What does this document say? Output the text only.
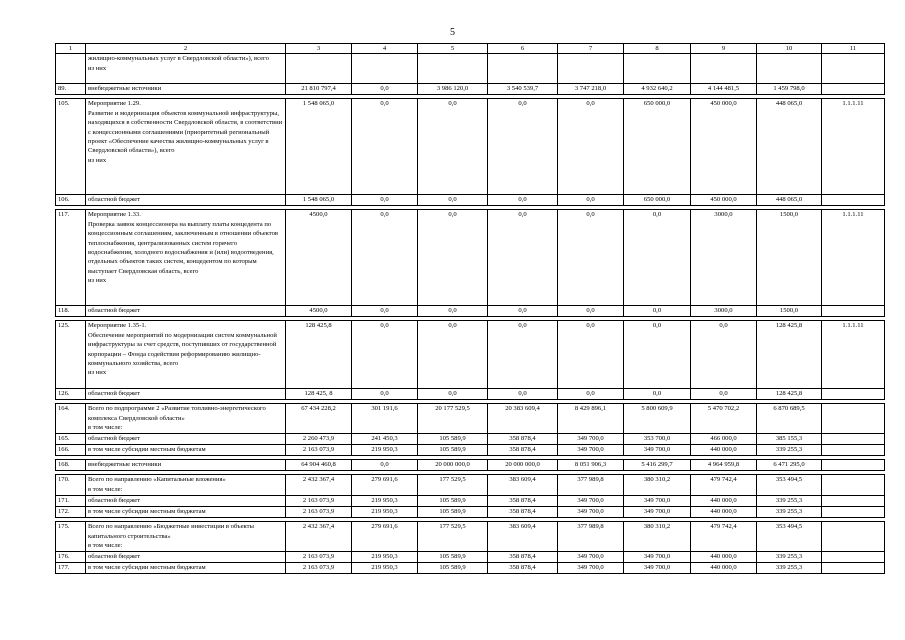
5
1	2	3	4	5	6	7	8	9	10	11
	жилищно-коммунальных услуг в Свердловской области»), всего
из них									
89.	внебюджетные источники	21 810 797,4	0,0	3 986 120,0	3 540 539,7	3 747 218,0	4 932 640,2	4 144 481,5	1 459 798,0	

105.	Мероприятие 1.29.
Развитие и модернизация объектов коммунальной инфраструктуры, находящихся в собственности Свердловской области, в соответствии с концессионными соглашениями (приоритетный региональный проект «Обеспечение качества жилищно-коммунальных услуг в Свердловской области»), всего
из них	1 548 065,0	0,0	0,0	0,0	0,0	650 000,0	450 000,0	448 065,0	1.1.1.11
106.	областной бюджет	1 548 065,0	0,0	0,0	0,0	0,0	650 000,0	450 000,0	448 065,0	

117.	Мероприятие 1.33.
Проверка заявок концессионера на выплату платы концедента по концессионным соглашениям, заключенным в отношении объектов теплоснабжения, централизованных систем горячего водоснабжения, холодного водоснабжения и (или) водоотведения, отдельных объектов таких систем, концедентом по которым выступает Свердловская область, всего
из них	4500,0	0,0	0,0	0,0	0,0	0,0	3000,0	1500,0	1.1.1.11
118.	областной бюджет	4500,0	0,0	0,0	0,0	0,0	0,0	3000,0	1500,0	

125.	Мероприятие 1.35-1.
Обеспечение мероприятий по модернизации систем коммунальной инфраструктуры за счет средств, поступивших от государственной корпорации – Фонда содействия реформированию жилищно-коммунального хозяйства, всего
из них	128 425,8	0,0	0,0	0,0	0,0	0,0	0,0	128 425,8	1.1.1.11
126.	областной бюджет	128 425, 8	0,0	0,0	0,0	0,0	0,0	0,0	128 425,8	

164.	Всего по подпрограмме 2 «Развитие топливно-энергетического комплекса Свердловской области»
в том числе:	67 434 228,2	301 191,6	20 177 529,5	20 383 609,4	8 429 896,1	5 800 609,9	5 470 702,2	6 870 689,5	
165.	областной бюджет	2 260 473,9	241 450,3	105 589,9	358 878,4	349 700,0	353 700,0	466 000,0	385 155,3	
166.	в том числе субсидии местным бюджетам	2 163 073,9	219 950,3	105 589,9	358 878,4	349 700,0	349 700,0	440 000,0	339 255,3	

168.	внебюджетные источники	64 904 460,8	0,0	20 000 000,0	20 000 000,0	8 051 906,3	5 416 299,7	4 964 959,8	6 471 295,0	

170.	Всего по направлению «Капитальные вложения»
в том числе:	2 432 367,4	279 691,6	177 529,5	383 609,4	377 989,8	380 310,2	479 742,4	353 494,5	
171.	областной бюджет	2 163 073,9	219 950,3	105 589,9	358 878,4	349 700,0	349 700,0	440 000,0	339 255,3	
172.	в том числе субсидии местным бюджетам	2 163 073,9	219 950,3	105 589,9	358 878,4	349 700,0	349 700,0	440 000,0	339 255,3	

175.	Всего по направлению «Бюджетные инвестиции в объекты капитального строительства»
в том числе:	2 432 367,4	279 691,6	177 529,5	383 609,4	377 989,8	380 310,2	479 742,4	353 494,5	
176.	областной бюджет	2 163 073,9	219 950,3	105 589,9	358 878,4	349 700,0	349 700,0	440 000,0	339 255,3	
177.	в том числе субсидии местным бюджетам	2 163 073,9	219 950,3	105 589,9	358 878,4	349 700,0	349 700,0	440 000,0	339 255,3	
